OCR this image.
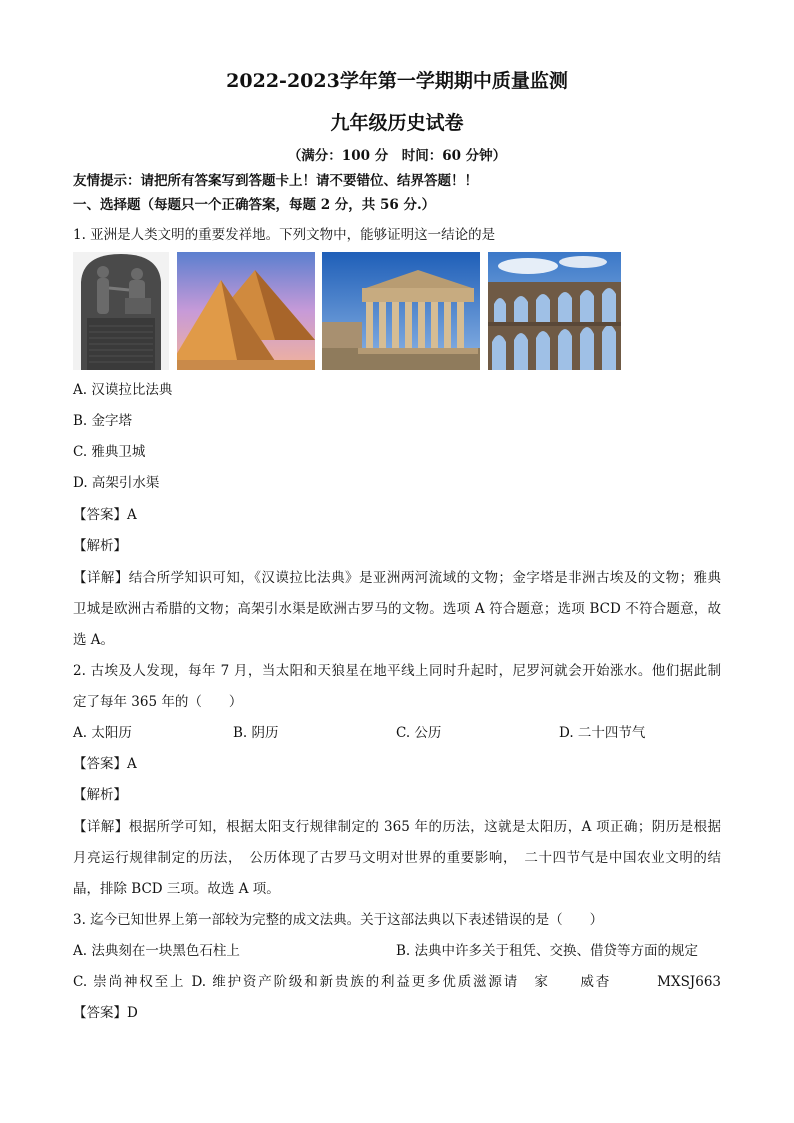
2022-2023学年第一学期期中质量监测
九年级历史试卷
（满分：100 分　时间：60 分钟）
友情提示：请把所有答案写到答题卡上！请不要错位、结界答题！！
一、选择题（每题只一个正确答案，每题 2 分，共 56 分.）
1. 亚洲是人类文明的重要发祥地。下列文物中，能够证明这一结论的是
A. 汉谟拉比法典
B. 金字塔
C. 雅典卫城
D. 高架引水渠
【答案】A
【解析】
【详解】结合所学知识可知，《汉谟拉比法典》是亚洲两河流域的文物；金字塔是非洲古埃及的文物；雅典
卫城是欧洲古希腊的文物；高架引水渠是欧洲古罗马的文物。选项 A 符合题意；选项 BCD 不符合题意，故
选 A。
2. 古埃及人发现，每年 7 月，当太阳和天狼星在地平线上同时升起时，尼罗河就会开始涨水。他们据此制
定了每年 365 年的（　　）
A. 太阳历	B. 阴历	C. 公历	D. 二十四节气
【答案】A
【解析】
【详解】根据所学可知，根据太阳支行规律制定的 365 年的历法，这就是太阳历，A 项正确；阴历是根据
月亮运行规律制定的历法，　公历体现了古罗马文明对世界的重要影响，　二十四节气是中国农业文明的结
晶，排除 BCD 三项。故选 A 项。
3. 迄今已知世界上第一部较为完整的成文法典。关于这部法典以下表述错误的是（　　）
A. 法典刻在一块黑色石柱上	B. 法典中许多关于租凭、交换、借贷等方面的规定
C. 崇尚神权至上 D. 维护资产阶级和新贵族的利益更多优质滋源请　家　　威杳　　　MXSJ663
【答案】D
